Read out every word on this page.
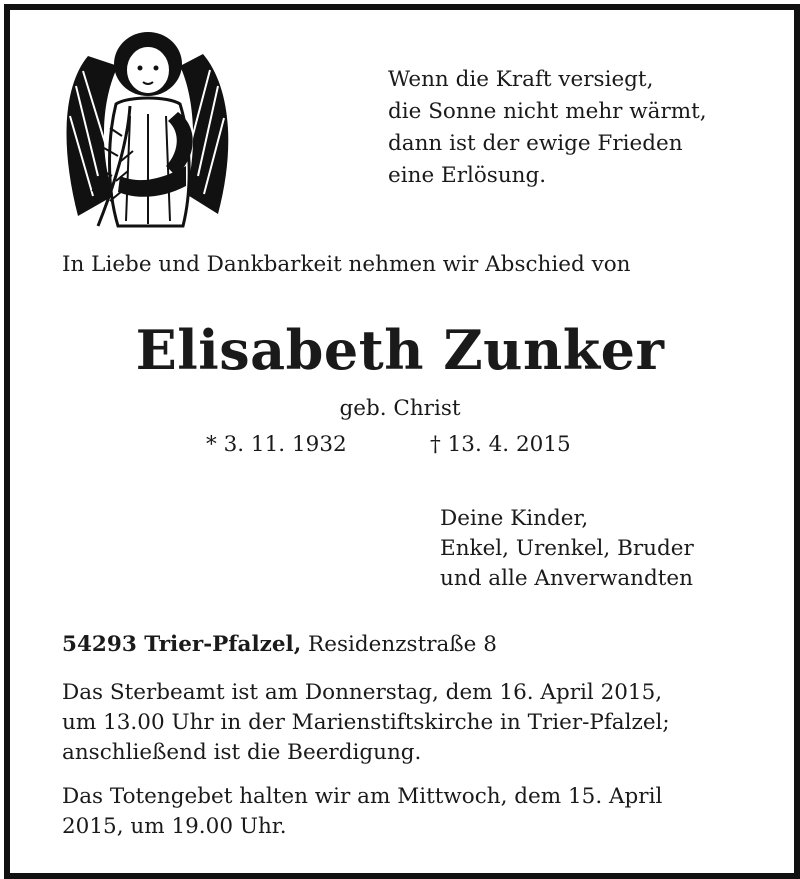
Wenn die Kraft versiegt,
die Sonne nicht mehr wärmt,
dann ist der ewige Frieden
eine Erlösung.
In Liebe und Dankbarkeit nehmen wir Abschied von
Elisabeth Zunker
geb. Christ
* 3. 11. 1932	† 13. 4. 2015
Deine Kinder,
Enkel, Urenkel, Bruder
und alle Anverwandten
54293 Trier-Pfalzel, Residenzstraße 8
Das Sterbeamt ist am Donnerstag, dem 16. April 2015,
um 13.00 Uhr in der Marienstiftskirche in Trier-Pfalzel;
anschließend ist die Beerdigung.
Das Totengebet halten wir am Mittwoch, dem 15. April
2015, um 19.00 Uhr.
